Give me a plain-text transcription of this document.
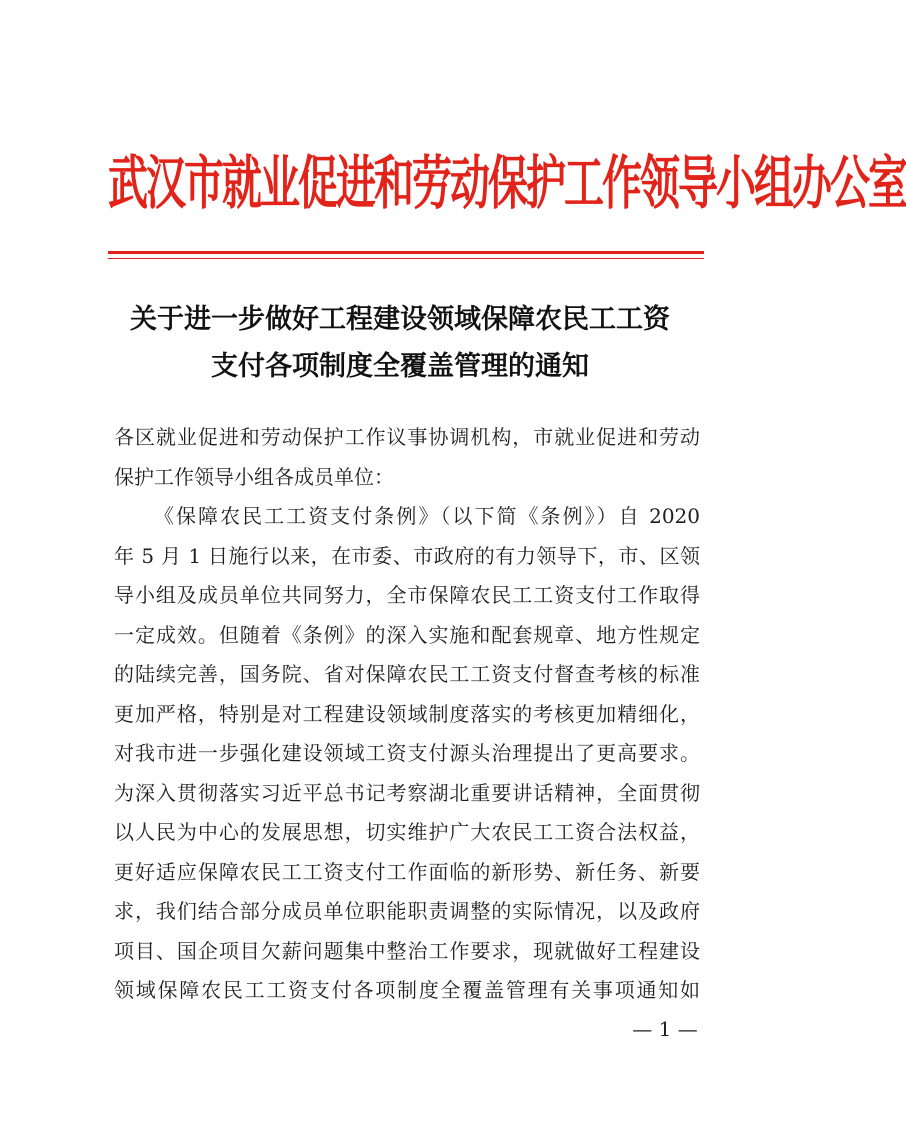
武汉市就业促进和劳动保护工作领导小组办公室
关于进一步做好工程建设领域保障农民工工资
支付各项制度全覆盖管理的通知
各区就业促进和劳动保护工作议事协调机构，市就业促进和劳动
保护工作领导小组各成员单位：
《保障农民工工资支付条例》（以下简《条例》）自 2020
年 5 月 1 日施行以来，在市委、市政府的有力领导下，市、区领
导小组及成员单位共同努力，全市保障农民工工资支付工作取得
一定成效。但随着《条例》的深入实施和配套规章、地方性规定
的陆续完善，国务院、省对保障农民工工资支付督查考核的标准
更加严格，特别是对工程建设领域制度落实的考核更加精细化，
对我市进一步强化建设领域工资支付源头治理提出了更高要求。
为深入贯彻落实习近平总书记考察湖北重要讲话精神，全面贯彻
以人民为中心的发展思想，切实维护广大农民工工资合法权益，
更好适应保障农民工工资支付工作面临的新形势、新任务、新要
求，我们结合部分成员单位职能职责调整的实际情况，以及政府
项目、国企项目欠薪问题集中整治工作要求，现就做好工程建设
领域保障农民工工资支付各项制度全覆盖管理有关事项通知如
— 1 —
